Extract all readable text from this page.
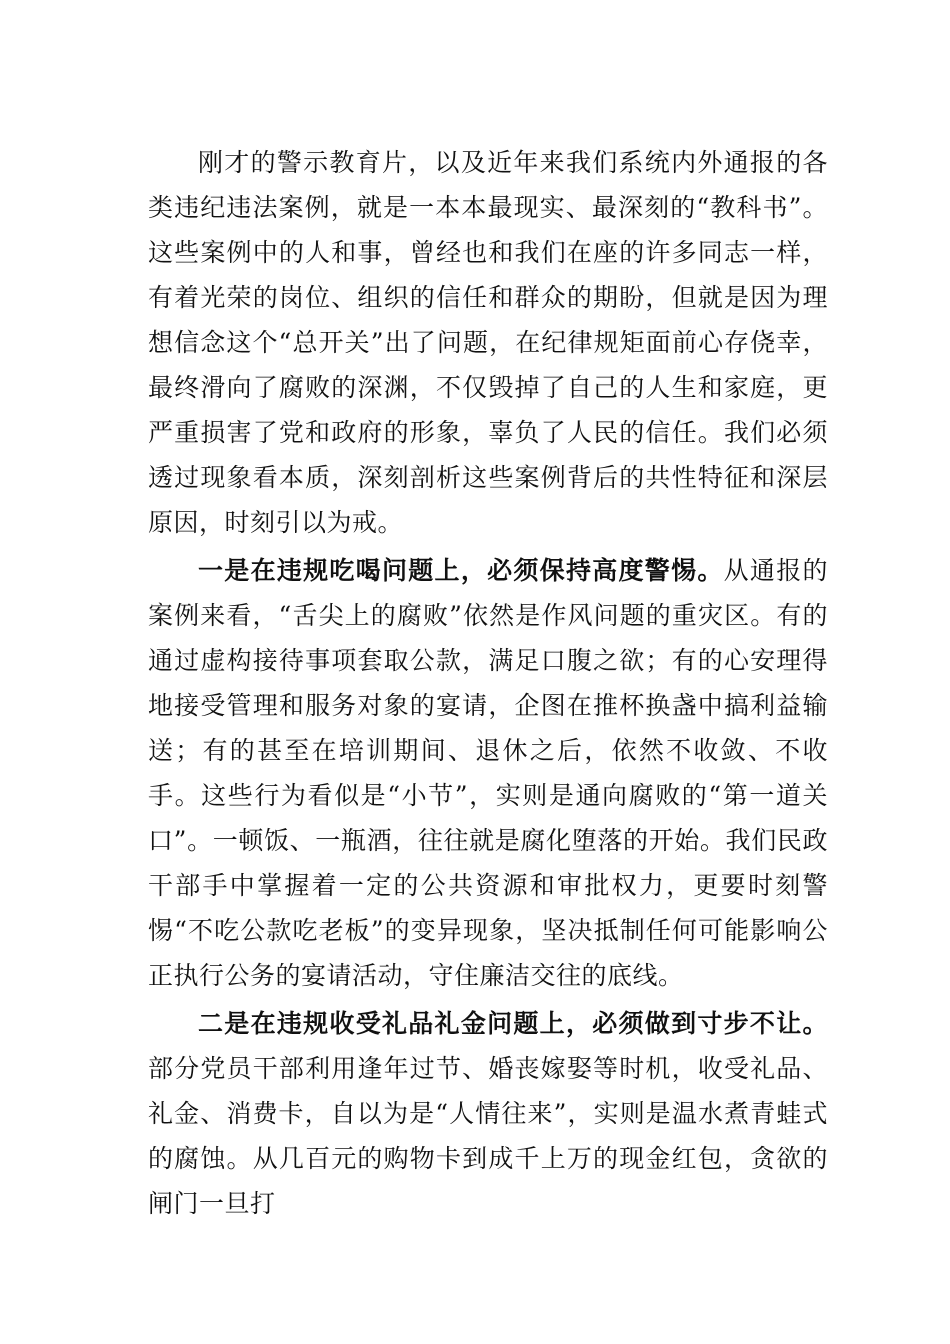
刚才的警示教育片，以及近年来我们系统内外通报的各类违纪违法案例，就是一本本最现实、最深刻的“教科书”。这些案例中的人和事，曾经也和我们在座的许多同志一样，有着光荣的岗位、组织的信任和群众的期盼，但就是因为理想信念这个“总开关”出了问题，在纪律规矩面前心存侥幸，最终滑向了腐败的深渊，不仅毁掉了自己的人生和家庭，更严重损害了党和政府的形象，辜负了人民的信任。我们必须透过现象看本质，深刻剖析这些案例背后的共性特征和深层原因，时刻引以为戒。

一是在违规吃喝问题上，必须保持高度警惕。从通报的案例来看，“舌尖上的腐败”依然是作风问题的重灾区。有的通过虚构接待事项套取公款，满足口腹之欲；有的心安理得地接受管理和服务对象的宴请，企图在推杯换盏中搞利益输送；有的甚至在培训期间、退休之后，依然不收敛、不收手。这些行为看似是“小节”，实则是通向腐败的“第一道关口”。一顿饭、一瓶酒，往往就是腐化堕落的开始。我们民政干部手中掌握着一定的公共资源和审批权力，更要时刻警惕“不吃公款吃老板”的变异现象，坚决抵制任何可能影响公正执行公务的宴请活动，守住廉洁交往的底线。

二是在违规收受礼品礼金问题上，必须做到寸步不让。部分党员干部利用逢年过节、婚丧嫁娶等时机，收受礼品、礼金、消费卡，自以为是“人情往来”，实则是温水煮青蛙式的腐蚀。从几百元的购物卡到成千上万的现金红包，贪欲的闸门一旦打
